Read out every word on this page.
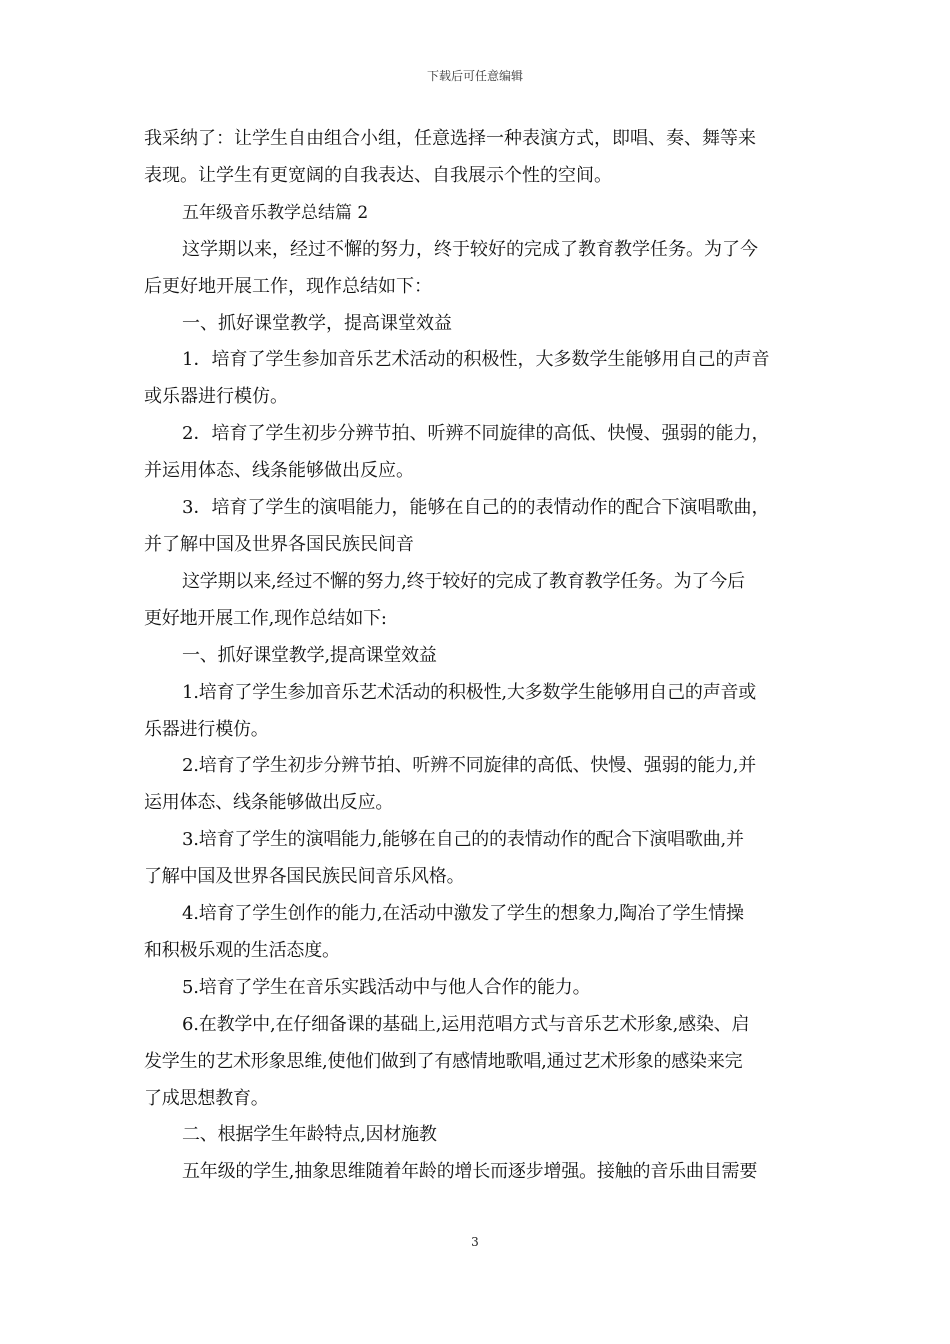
下载后可任意编辑
我采纳了：让学生自由组合小组，任意选择一种表演方式，即唱、奏、舞等来
表现。让学生有更宽阔的自我表达、自我展示个性的空间。
五年级音乐教学总结篇 2
这学期以来，经过不懈的努力，终于较好的完成了教育教学任务。为了今
后更好地开展工作，现作总结如下：
一、抓好课堂教学，提高课堂效益
1．培育了学生参加音乐艺术活动的积极性，大多数学生能够用自己的声音
或乐器进行模仿。
2．培育了学生初步分辨节拍、听辨不同旋律的高低、快慢、强弱的能力，
并运用体态、线条能够做出反应。
3．培育了学生的演唱能力，能够在自己的的表情动作的配合下演唱歌曲，
并了解中国及世界各国民族民间音
这学期以来,经过不懈的努力,终于较好的完成了教育教学任务。为了今后
更好地开展工作,现作总结如下:
一、抓好课堂教学,提高课堂效益
1.培育了学生参加音乐艺术活动的积极性,大多数学生能够用自己的声音或
乐器进行模仿。
2.培育了学生初步分辨节拍、听辨不同旋律的高低、快慢、强弱的能力,并
运用体态、线条能够做出反应。
3.培育了学生的演唱能力,能够在自己的的表情动作的配合下演唱歌曲,并
了解中国及世界各国民族民间音乐风格。
4.培育了学生创作的能力,在活动中激发了学生的想象力,陶冶了学生情操
和积极乐观的生活态度。
5.培育了学生在音乐实践活动中与他人合作的能力。
6.在教学中,在仔细备课的基础上,运用范唱方式与音乐艺术形象,感染、启
发学生的艺术形象思维,使他们做到了有感情地歌唱,通过艺术形象的感染来完
了成思想教育。
二、根据学生年龄特点,因材施教
五年级的学生,抽象思维随着年龄的增长而逐步增强。接触的音乐曲目需要
3
